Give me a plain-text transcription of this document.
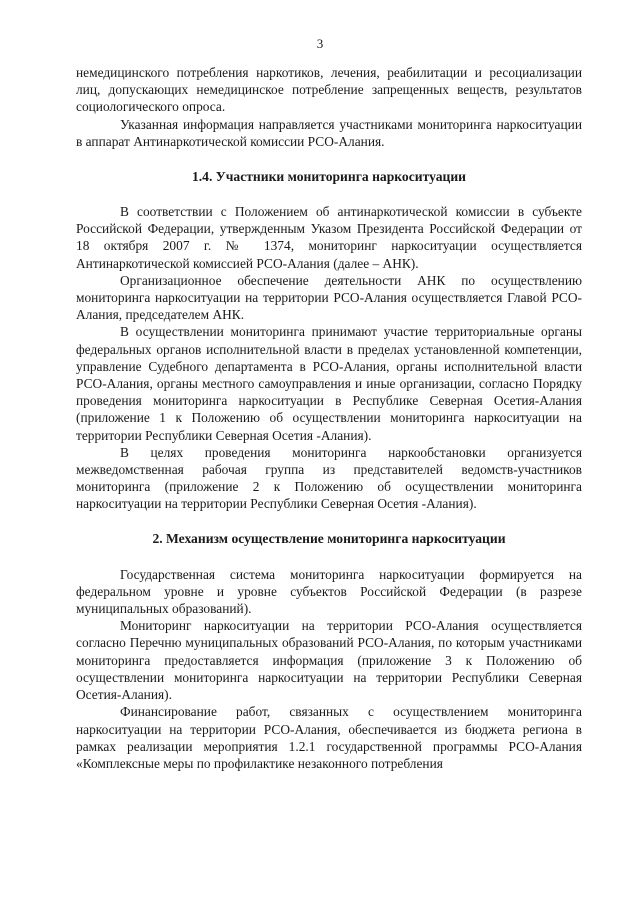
3

немедицинского потребления наркотиков, лечения, реабилитации и ресоциализации лиц, допускающих немедицинское потребление запрещенных веществ, результатов социологического опроса.

Указанная информация направляется участниками мониторинга наркоситуации в аппарат Антинаркотической комиссии РСО-Алания.

1.4. Участники мониторинга наркоситуации

В соответствии с Положением об антинаркотической комиссии в субъекте Российской Федерации, утвержденным Указом Президента Российской Федерации от 18 октября 2007 г. № 1374, мониторинг наркоситуации осуществляется Антинаркотической комиссией РСО-Алания (далее – АНК).

Организационное обеспечение деятельности АНК по осуществлению мониторинга наркоситуации на территории РСО-Алания осуществляется Главой РСО-Алания, председателем АНК.

В осуществлении мониторинга принимают участие территориальные органы федеральных органов исполнительной власти в пределах установленной компетенции, управление Судебного департамента в РСО-Алания, органы исполнительной власти РСО-Алания, органы местного самоуправления и иные организации, согласно Порядку проведения мониторинга наркоситуации в Республике Северная Осетия-Алания (приложение 1 к Положению об осуществлении мониторинга наркоситуации на территории Республики Северная Осетия -Алания).

В целях проведения мониторинга наркообстановки организуется межведомственная рабочая группа из представителей ведомств-участников мониторинга (приложение 2 к Положению об осуществлении мониторинга наркоситуации на территории Республики Северная Осетия -Алания).

2. Механизм осуществление мониторинга наркоситуации

Государственная система мониторинга наркоситуации формируется на федеральном уровне и уровне субъектов Российской Федерации (в разрезе муниципальных образований).

Мониторинг наркоситуации на территории РСО-Алания осуществляется согласно Перечню муниципальных образований РСО-Алания, по которым участниками мониторинга предоставляется информация (приложение 3 к Положению об осуществлении мониторинга наркоситуации на территории Республики Северная Осетия-Алания).

Финансирование работ, связанных с осуществлением мониторинга наркоситуации на территории РСО-Алания, обеспечивается из бюджета региона в рамках реализации мероприятия 1.2.1 государственной программы РСО-Алания «Комплексные меры по профилактике незаконного потребления
